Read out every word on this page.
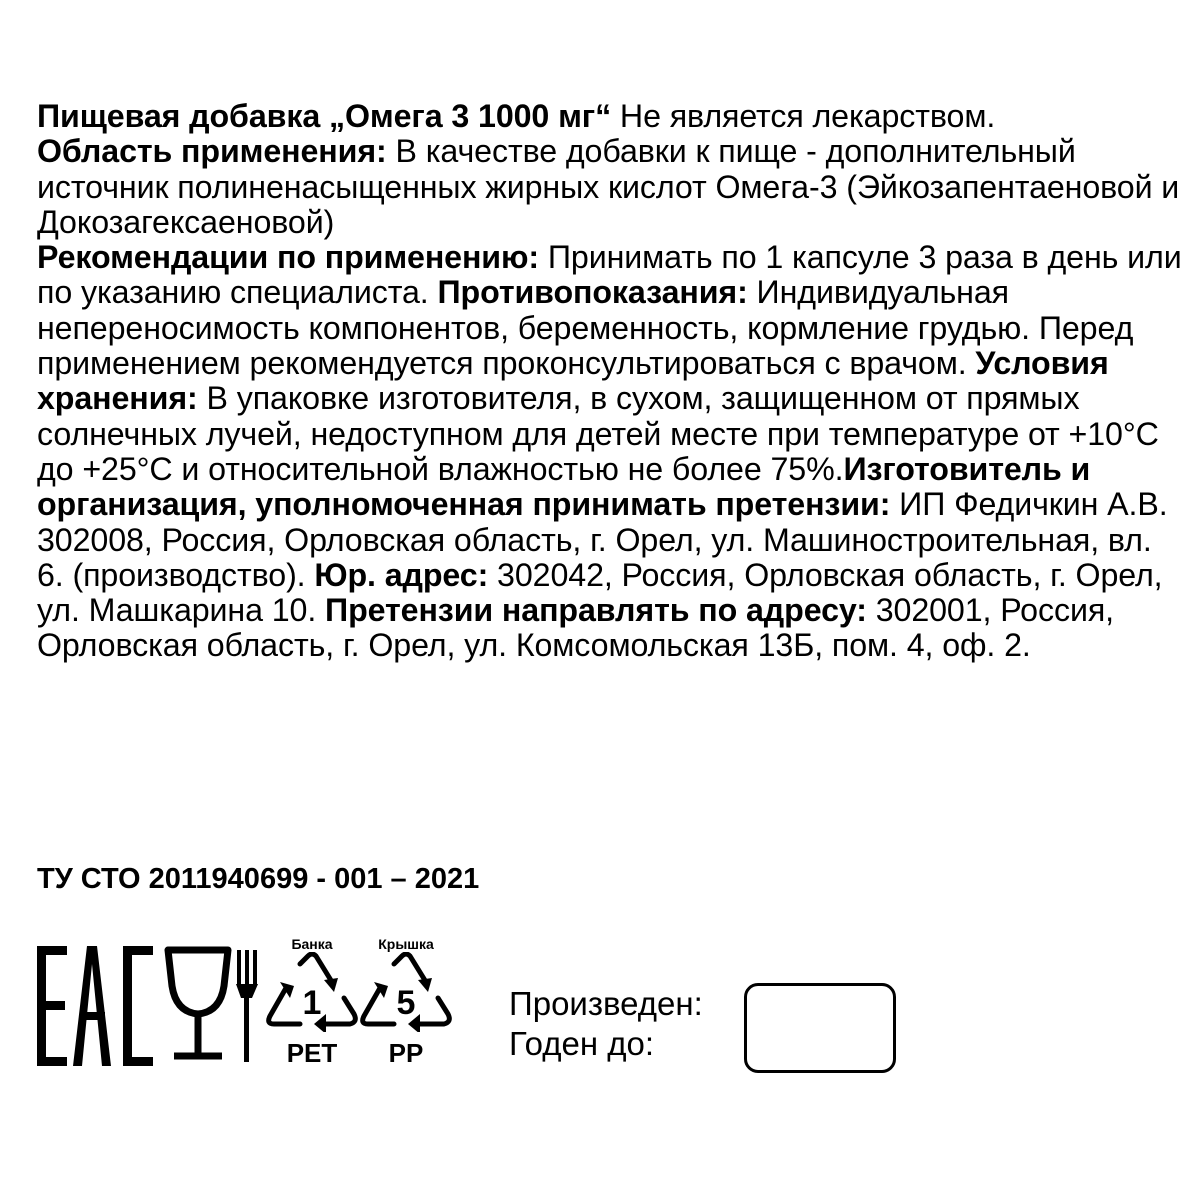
Пищевая добавка „Омега 3 1000 мг“ Не является лекарством.
Область применения: В качестве добавки к пище - дополнительный источник полиненасыщенных жирных кислот Омега-3 (Эйкозапентаеновой и Докозагексаеновой)
Рекомендации по применению: Принимать по 1 капсуле 3 раза в день или по указанию специалиста. Противопоказания: Индивидуальная непереносимость компонентов, беременность, кормление грудью. Перед применением рекомендуется проконсультироваться с врачом. Условия хранения: В упаковке изготовителя, в сухом, защищенном от прямых солнечных лучей, недоступном для детей месте при температуре от +10°С до +25°С и относительной влажностью не более 75%.Изготовитель и организация, уполномоченная принимать претензии: ИП Федичкин А.В. 302008, Россия, Орловская область, г. Орел, ул. Машиностроительная, вл. 6. (производство). Юр. адрес: 302042, Россия, Орловская область, г. Орел, ул. Машкарина 10. Претензии направлять по адресу: 302001, Россия, Орловская область, г. Орел, ул. Комсомольская 13Б, пом. 4, оф. 2.
ТУ СТО 2011940699 - 001 – 2021
Банка
1
PET
Крышка
5
PP
Произведен:
Годен до:
